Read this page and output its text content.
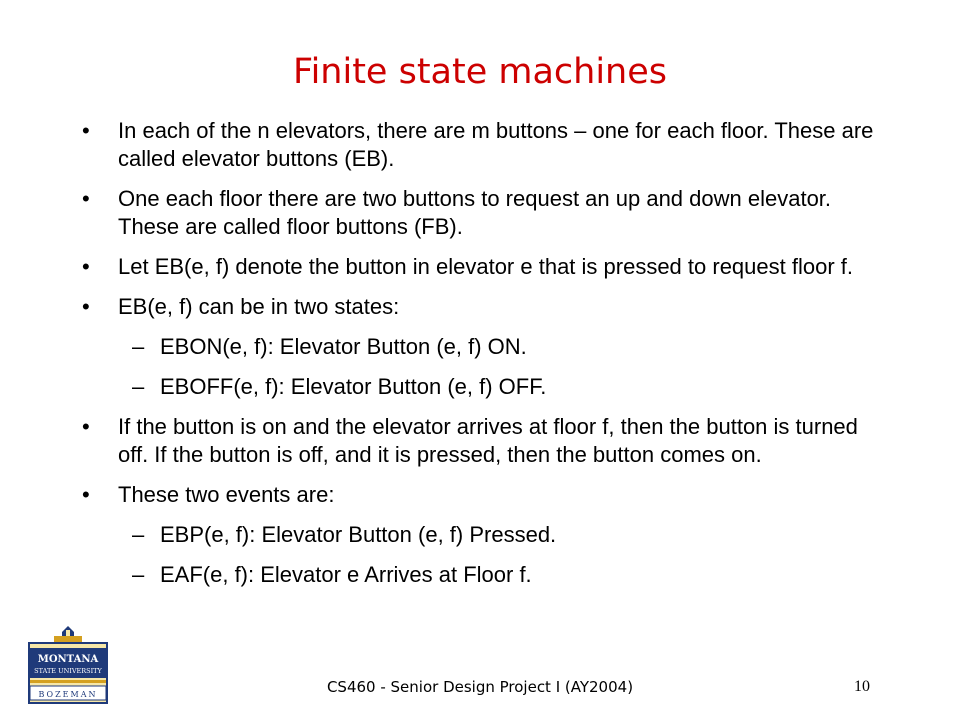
Finite state machines
• In each of the n elevators, there are m buttons – one for each floor. These are called elevator buttons (EB).
• One each floor there are two buttons to request an up and down elevator. These are called floor buttons (FB).
• Let EB(e, f) denote the button in elevator e that is pressed to request floor f.
• EB(e, f) can be in two states:
– EBON(e, f): Elevator Button (e, f) ON.
– EBOFF(e, f): Elevator Button (e, f) OFF.
• If the button is on and the elevator arrives at floor f, then the button is turned off. If the button is off, and it is pressed, then the button comes on.
• These two events are:
– EBP(e, f): Elevator Button (e, f) Pressed.
– EAF(e, f): Elevator e Arrives at Floor f.
MONTANA
STATE UNIVERSITY
BOZEMAN	CS460 - Senior Design Project I (AY2004)	10
